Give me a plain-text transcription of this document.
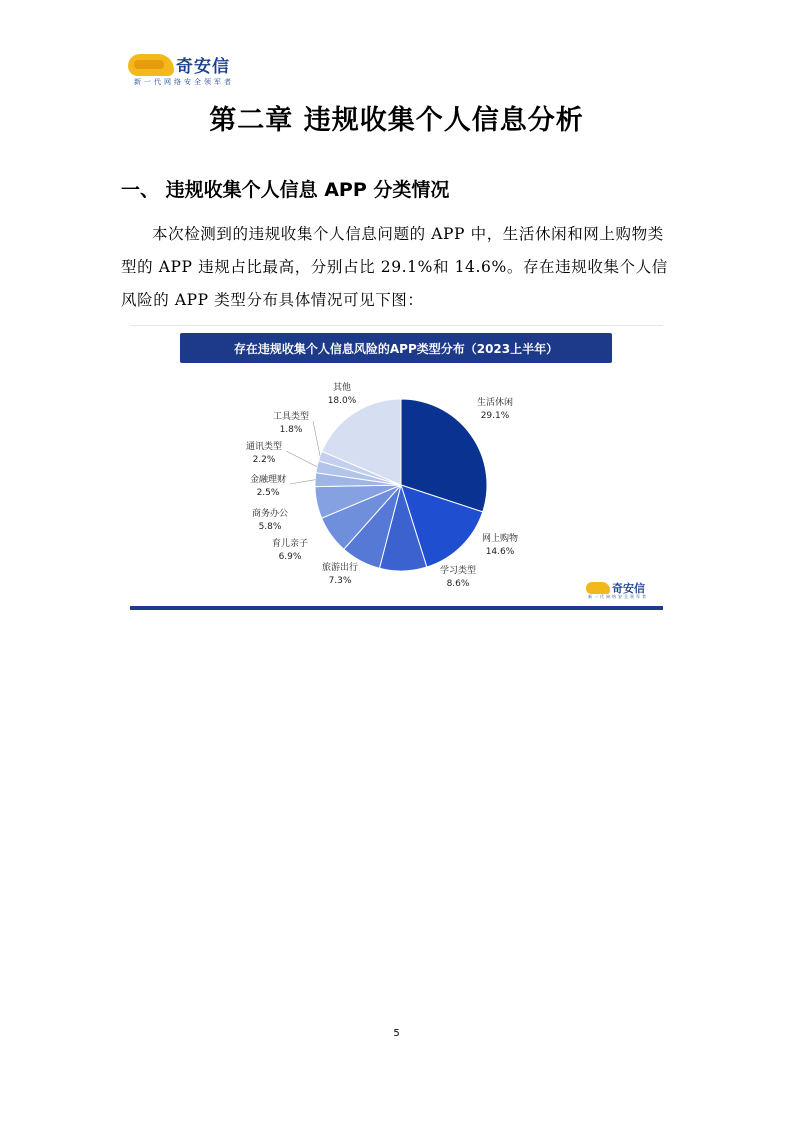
奇安信
新一代网络安全领军者
第二章 违规收集个人信息分析
一、 违规收集个人信息 APP 分类情况

本次检测到的违规收集个人信息问题的 APP 中，生活休闲和网上购物类型的 APP 违规占比最高，分别占比 29.1%和 14.6%。存在违规收集个人信风险的 APP 类型分布具体情况可见下图：

存在违规收集个人信息风险的APP类型分布（2023上半年）
生活休闲
29.1%
网上购物
14.6%
学习类型
8.6%
旅游出行
7.3%
育儿亲子
6.9%
商务办公
5.8%
金融理财
2.5%
通讯类型
2.2%
工具类型
1.8%
其他
18.0%
奇安信
新一代网络安全领军者
5
